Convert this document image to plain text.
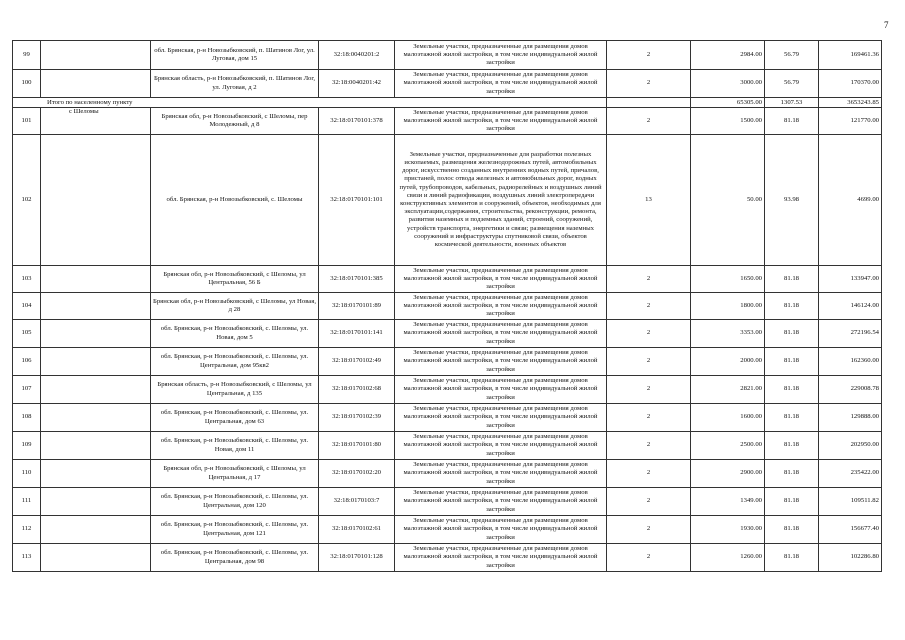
7
99		обл. Брянская, р-н Новозыбковский, п. Шатинов Лог, ул. Луговая, дом 15	32:18:0040201:2	Земельные участки, предназначенные для размещения домов малоэтажной жилой застройки, в том числе индивидуальной жилой застройки	2	2984.00	56.79	169461.36
100		Брянская область, р-н Новозыбковский, п. Шатинов Лог, ул. Луговая, д 2	32:18:0040201:42	Земельные участки, предназначенные для размещения домов малоэтажной жилой застройки, в том числе индивидуальной жилой застройки	2	3000.00	56.79	170370.00
Итого по населенному пункту						65305.00	1307.53	3653243.85
101	с Шеломы	Брянская обл, р-н Новозыбковский, с Шеломы, пер Молодежный, д 8	32:18:0170101:378	Земельные участки, предназначенные для размещения домов малоэтажной жилой застройки, в том числе индивидуальной жилой застройки	2	1500.00	81.18	121770.00
102		обл. Брянская, р-н Новозыбковский, с. Шеломы	32:18:0170101:101	Земельные участки, предназначенные для разработки полезных ископаемых, размещения железнодорожных путей, автомобильных дорог, искусственно созданных внутренних водных путей, причалов, пристаней, полос отвода железных и автомобильных дорог, водных путей, трубопроводов, кабельных, радиорелейных и воздушных линий связи и линий радиофикации, воздушных линий электропередачи конструктивных элементов и сооружений, объектов, необходимых для эксплуатации,содержания, строительства, реконструкции, ремонта, развития наземных и подземных зданий, строений, сооружений, устройств транспорта, энергетики и связи; размещения наземных сооружений и инфраструктуры спутниковой связи, объектов космической деятельности, военных объектов	13	50.00	93.98	4699.00
103		Брянская обл, р-н Новозыбковский, с Шеломы, ул Центральная, 56 Б	32:18:0170101:385	Земельные участки, предназначенные для размещения домов малоэтажной жилой застройки, в том числе индивидуальной жилой застройки	2	1650.00	81.18	133947.00
104		Брянская обл, р-н Новозыбковский, с Шеломы, ул Новая, д 28	32:18:0170101:89	Земельные участки, предназначенные для размещения домов малоэтажной жилой застройки, в том числе индивидуальной жилой застройки	2	1800.00	81.18	146124.00
105		обл. Брянская, р-н Новозыбковский, с. Шеломы, ул. Новая, дом 5	32:18:0170101:141	Земельные участки, предназначенные для размещения домов малоэтажной жилой застройки, в том числе индивидуальной жилой застройки	2	3353.00	81.18	272196.54
106		обл. Брянская, р-н Новозыбковский, с. Шеломы, ул. Центральная, дом 95кв2	32:18:0170102:49	Земельные участки, предназначенные для размещения домов малоэтажной жилой застройки, в том числе индивидуальной жилой застройки	2	2000.00	81.18	162360.00
107		Брянская область, р-н Новозыбковский, с Шеломы, ул Центральная, д 135	32:18:0170102:68	Земельные участки, предназначенные для размещения домов малоэтажной жилой застройки, в том числе индивидуальной жилой застройки	2	2821.00	81.18	229008.78
108		обл. Брянская, р-н Новозыбковский, с. Шеломы, ул. Центральная, дом 63	32:18:0170102:39	Земельные участки, предназначенные для размещения домов малоэтажной жилой застройки, в том числе индивидуальной жилой застройки	2	1600.00	81.18	129888.00
109		обл. Брянская, р-н Новозыбковский, с. Шеломы, ул. Новая, дом 11	32:18:0170101:80	Земельные участки, предназначенные для размещения домов малоэтажной жилой застройки, в том числе индивидуальной жилой застройки	2	2500.00	81.18	202950.00
110		Брянская обл, р-н Новозыбковский, с Шеломы, ул Центральная, д 17	32:18:0170102:20	Земельные участки, предназначенные для размещения домов малоэтажной жилой застройки, в том числе индивидуальной жилой застройки	2	2900.00	81.18	235422.00
111		обл. Брянская, р-н Новозыбковский, с. Шеломы, ул. Центральная, дом 120	32:18:0170103:7	Земельные участки, предназначенные для размещения домов малоэтажной жилой застройки, в том числе индивидуальной жилой застройки	2	1349.00	81.18	109511.82
112		обл. Брянская, р-н Новозыбковский, с. Шеломы, ул. Центральная, дом 121	32:18:0170102:61	Земельные участки, предназначенные для размещения домов малоэтажной жилой застройки, в том числе индивидуальной жилой застройки	2	1930.00	81.18	156677.40
113		обл. Брянская, р-н Новозыбковский, с. Шеломы, ул. Центральная, дом 98	32:18:0170101:128	Земельные участки, предназначенные для размещения домов малоэтажной жилой застройки, в том числе индивидуальной жилой застройки	2	1260.00	81.18	102286.80
